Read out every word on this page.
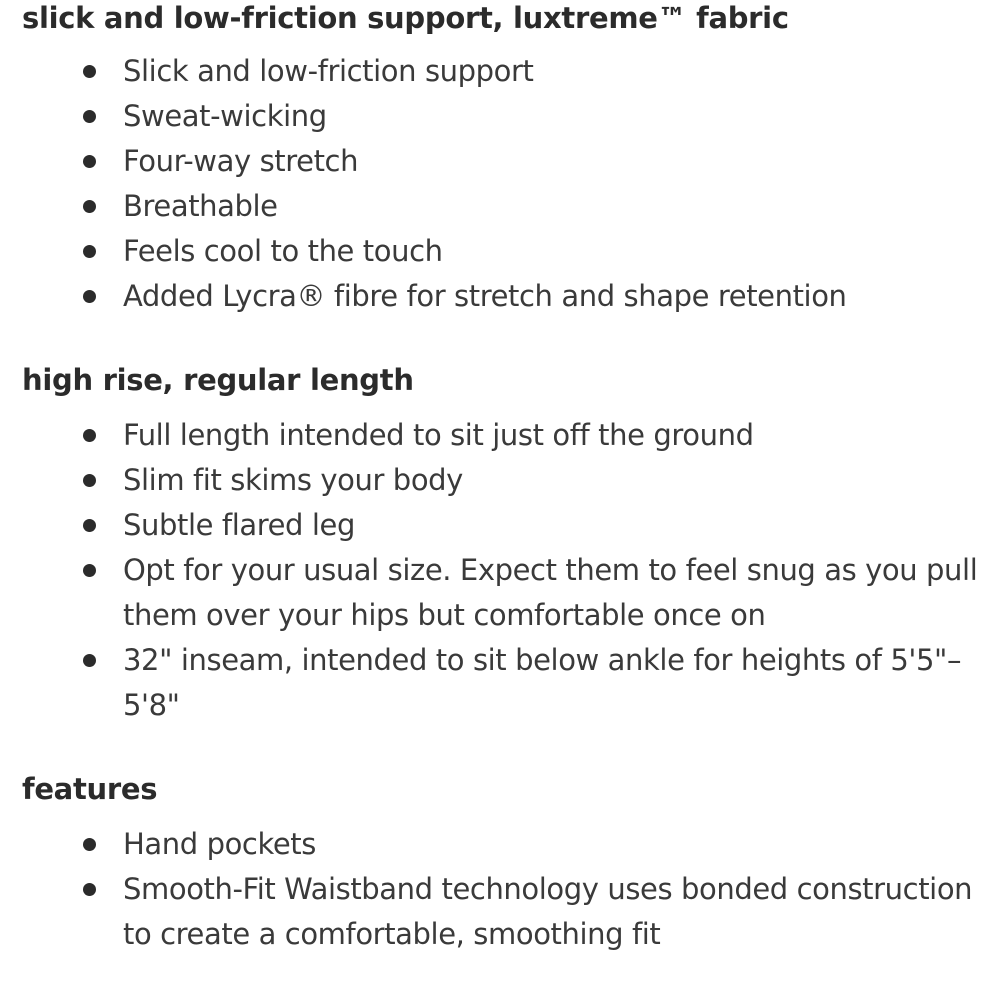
slick and low-friction support, luxtreme™ fabric
Slick and low-friction support
Sweat-wicking
Four-way stretch
Breathable
Feels cool to the touch
Added Lycra® fibre for stretch and shape retention
high rise, regular length
Full length intended to sit just off the ground
Slim fit skims your body
Subtle flared leg
Opt for your usual size. Expect them to feel snug as you pull them over your hips but comfortable once on
32" inseam, intended to sit below ankle for heights of 5'5"–5'8"
features
Hand pockets
Smooth-Fit Waistband technology uses bonded construction to create a comfortable, smoothing fit
